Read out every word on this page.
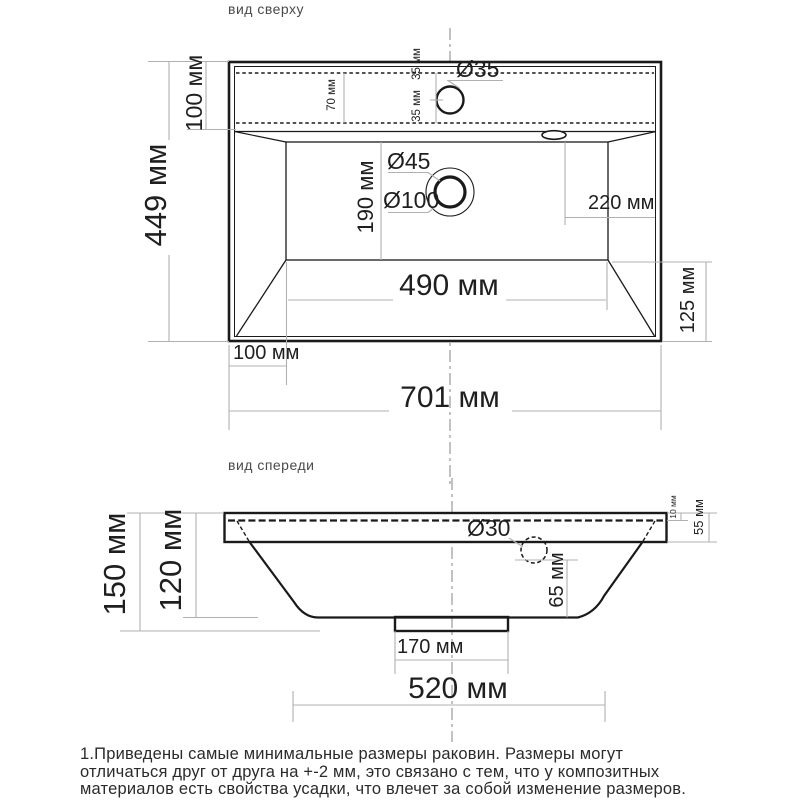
вид сверху
449 мм
100 мм	70 мм
35 мм
35 мм
Ø35
Ø45
Ø100
190 мм
490 мм
220 мм
125 мм
100 мм
701 мм
вид спереди
150 мм 120 мм
10 мм 55 мм
Ø30
65 мм
170 мм
520 мм
1.Приведены самые минимальные размеры раковин. Размеры могут
отличаться друг от друга на +-2 мм, это связано с тем, что у композитных
материалов есть свойства усадки, что влечет за собой изменение размеров.
